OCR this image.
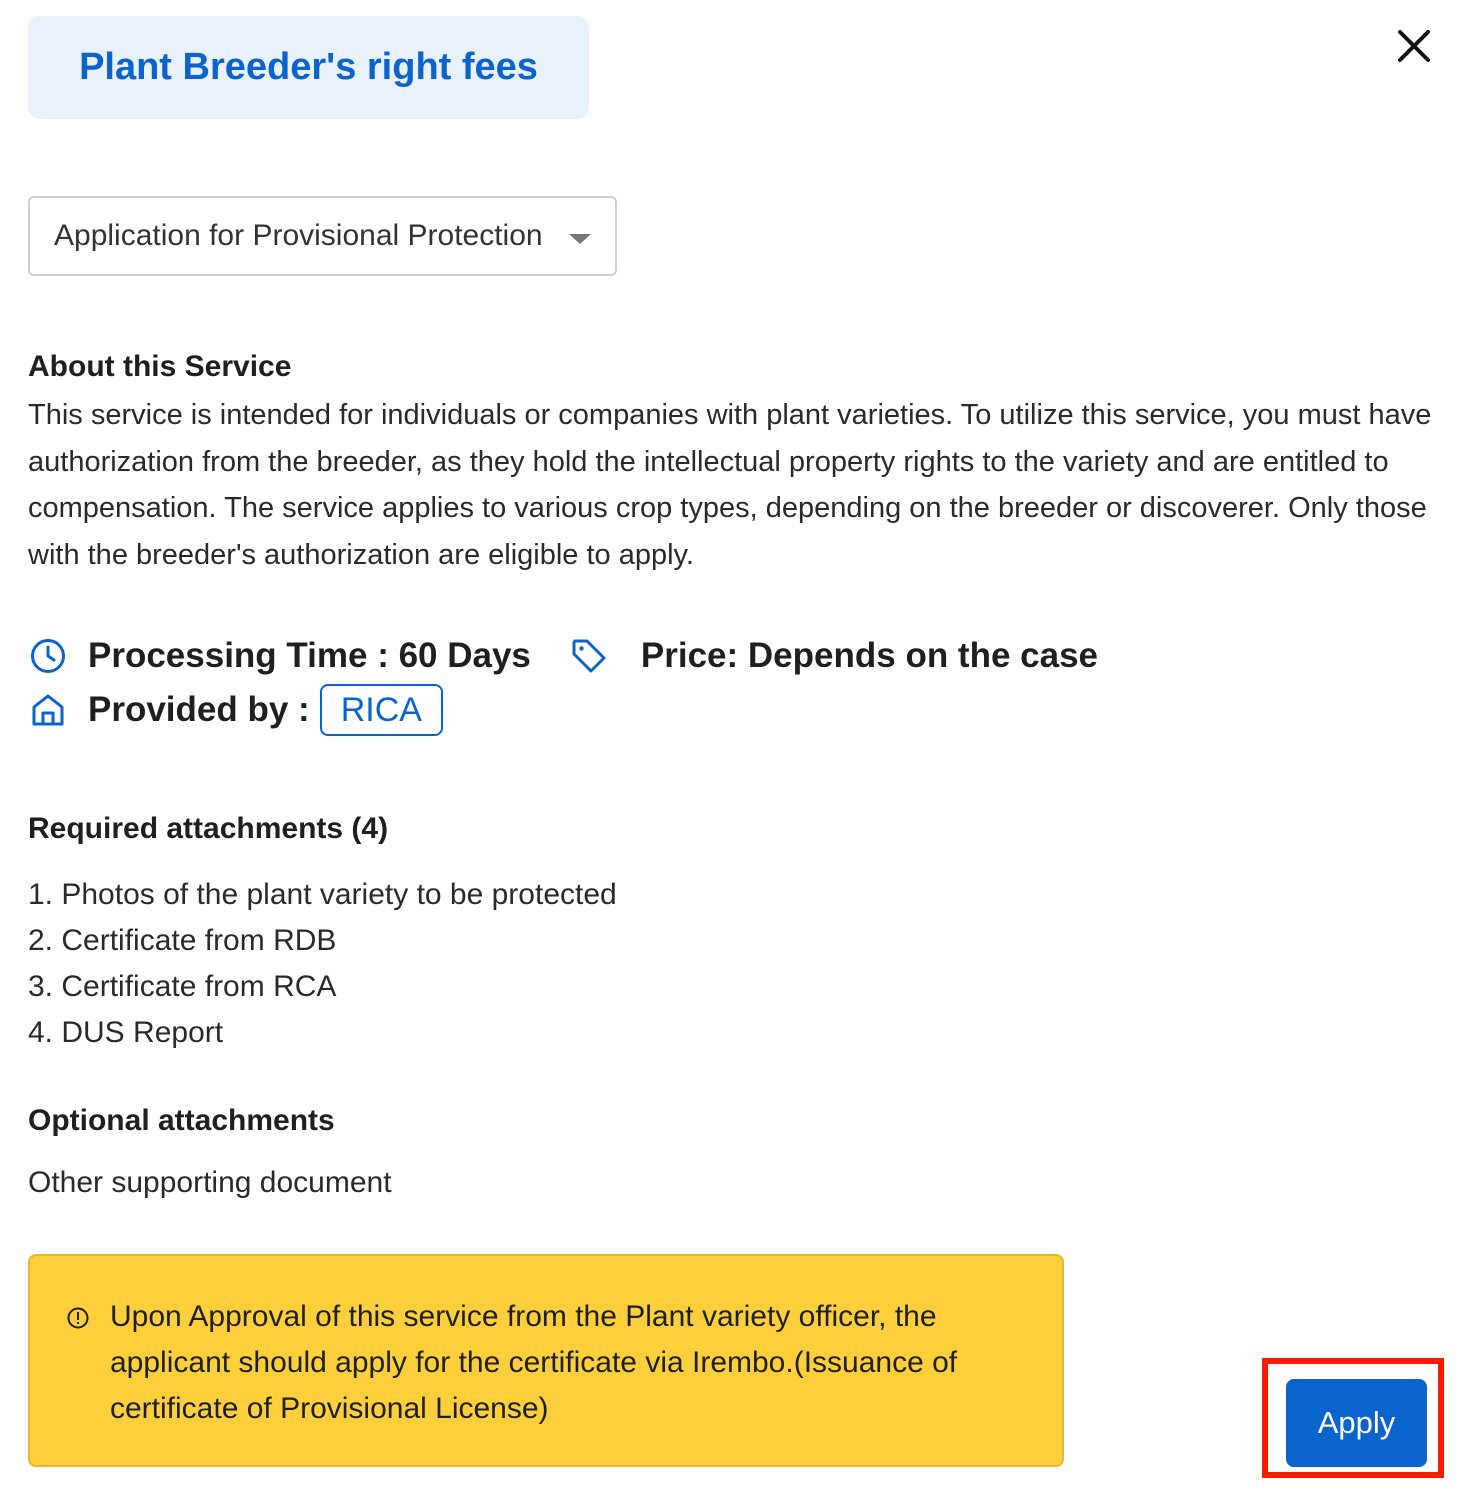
Plant Breeder's right fees
Application for Provisional Protection
About this Service

This service is intended for individuals or companies with plant varieties. To utilize this service, you must have authorization from the breeder, as they hold the intellectual property rights to the variety and are entitled to compensation. The service applies to various crop types, depending on the breeder or discoverer. Only those with the breeder's authorization are eligible to apply.

Processing Time : 60 Days	Price: Depends on the case
Provided by : RICA
Required attachments (4)
1. Photos of the plant variety to be protected
2. Certificate from RDB
3. Certificate from RCA
4. DUS Report
Optional attachments
Other supporting document

Upon Approval of this service from the Plant variety officer, the applicant should apply for the certificate via Irembo.(Issuance of certificate of Provisional License)	Apply
